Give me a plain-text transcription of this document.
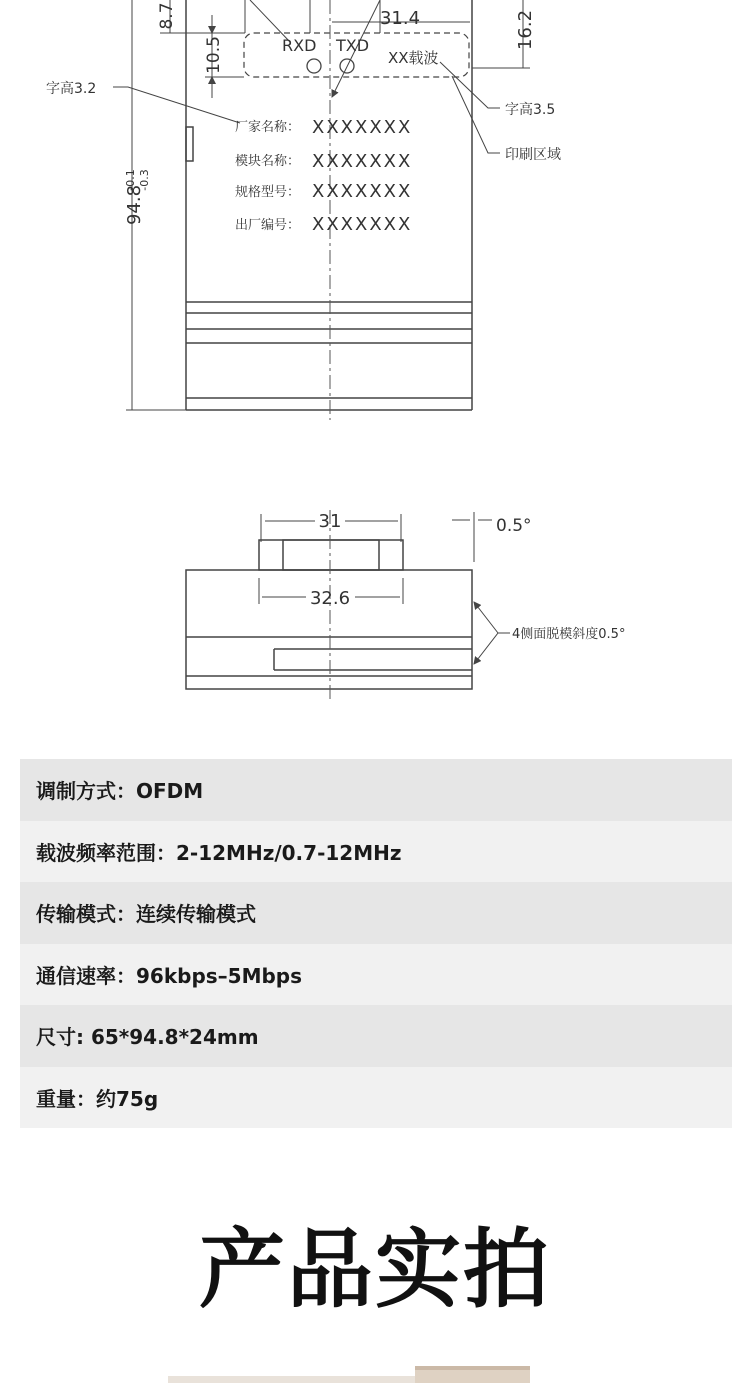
8.7
10.5
31.4	16.2
94.8
-0.1 -0.3
RXD TXD
XX载波
字高3.2
字高3.5
印刷区域
厂家名称： XXXXXXX
模块名称： XXXXXXX
规格型号： XXXXXXX
出厂编号： XXXXXXX
31
32.6
0.5°
4侧面脱模斜度0.5°
调制方式：OFDM
载波频率范围：2-12MHz/0.7-12MHz
传输模式：连续传输模式
通信速率：96kbps–5Mbps
尺寸: 65*94.8*24mm
重量：约75g
产品实拍
